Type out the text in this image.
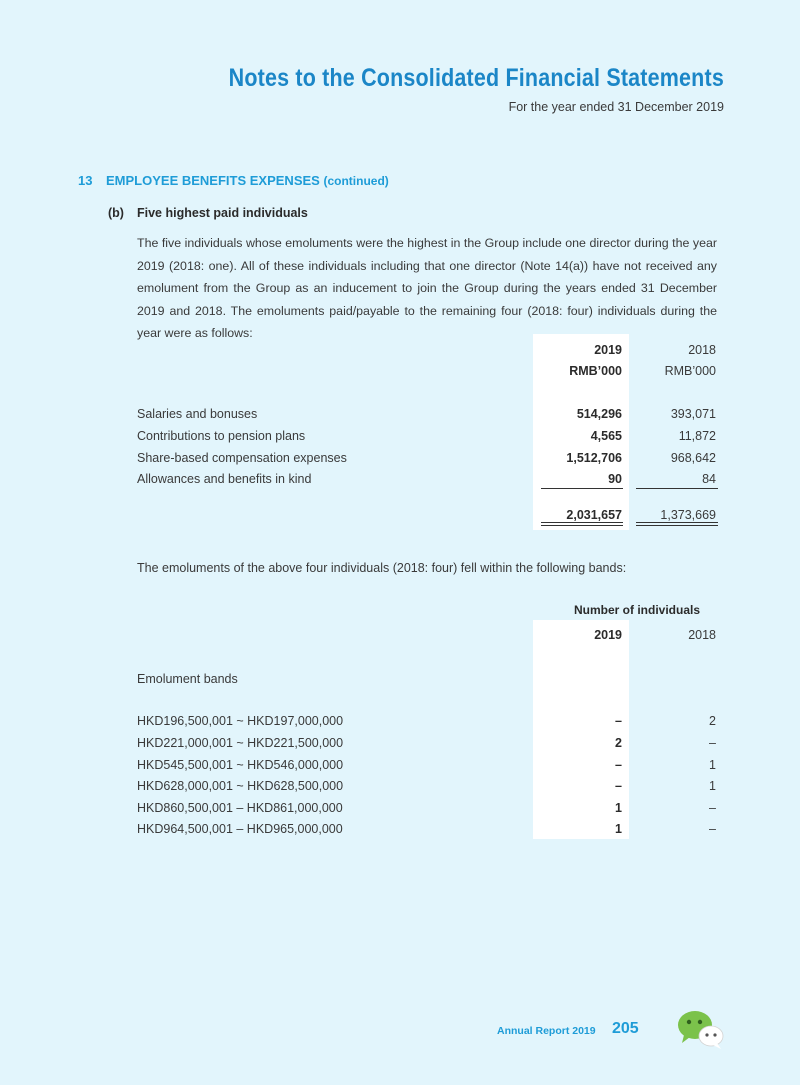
Notes to the Consolidated Financial Statements
For the year ended 31 December 2019
13 EMPLOYEE BENEFITS EXPENSES (continued)
(b) Five highest paid individuals
The five individuals whose emoluments were the highest in the Group include one director during the year 2019 (2018: one). All of these individuals including that one director (Note 14(a)) have not received any emolument from the Group as an inducement to join the Group during the years ended 31 December 2019 and 2018. The emoluments paid/payable to the remaining four (2018: four) individuals during the year were as follows:
2019	2018
RMB’000	RMB’000
Salaries and bonuses	514,296	393,071
Contributions to pension plans	4,565	11,872
Share-based compensation expenses	1,512,706	968,642
Allowances and benefits in kind	90	84
2,031,657	1,373,669
The emoluments of the above four individuals (2018: four) fell within the following bands:
Number of individuals
2019	2018
Emolument bands
HKD196,500,001 ~ HKD197,000,000	–	2
HKD221,000,001 ~ HKD221,500,000	2	–
HKD545,500,001 ~ HKD546,000,000	–	1
HKD628,000,001 ~ HKD628,500,000	–	1
HKD860,500,001 – HKD861,000,000	1	–
HKD964,500,001 – HKD965,000,000	1	–
Annual Report 2019 205
